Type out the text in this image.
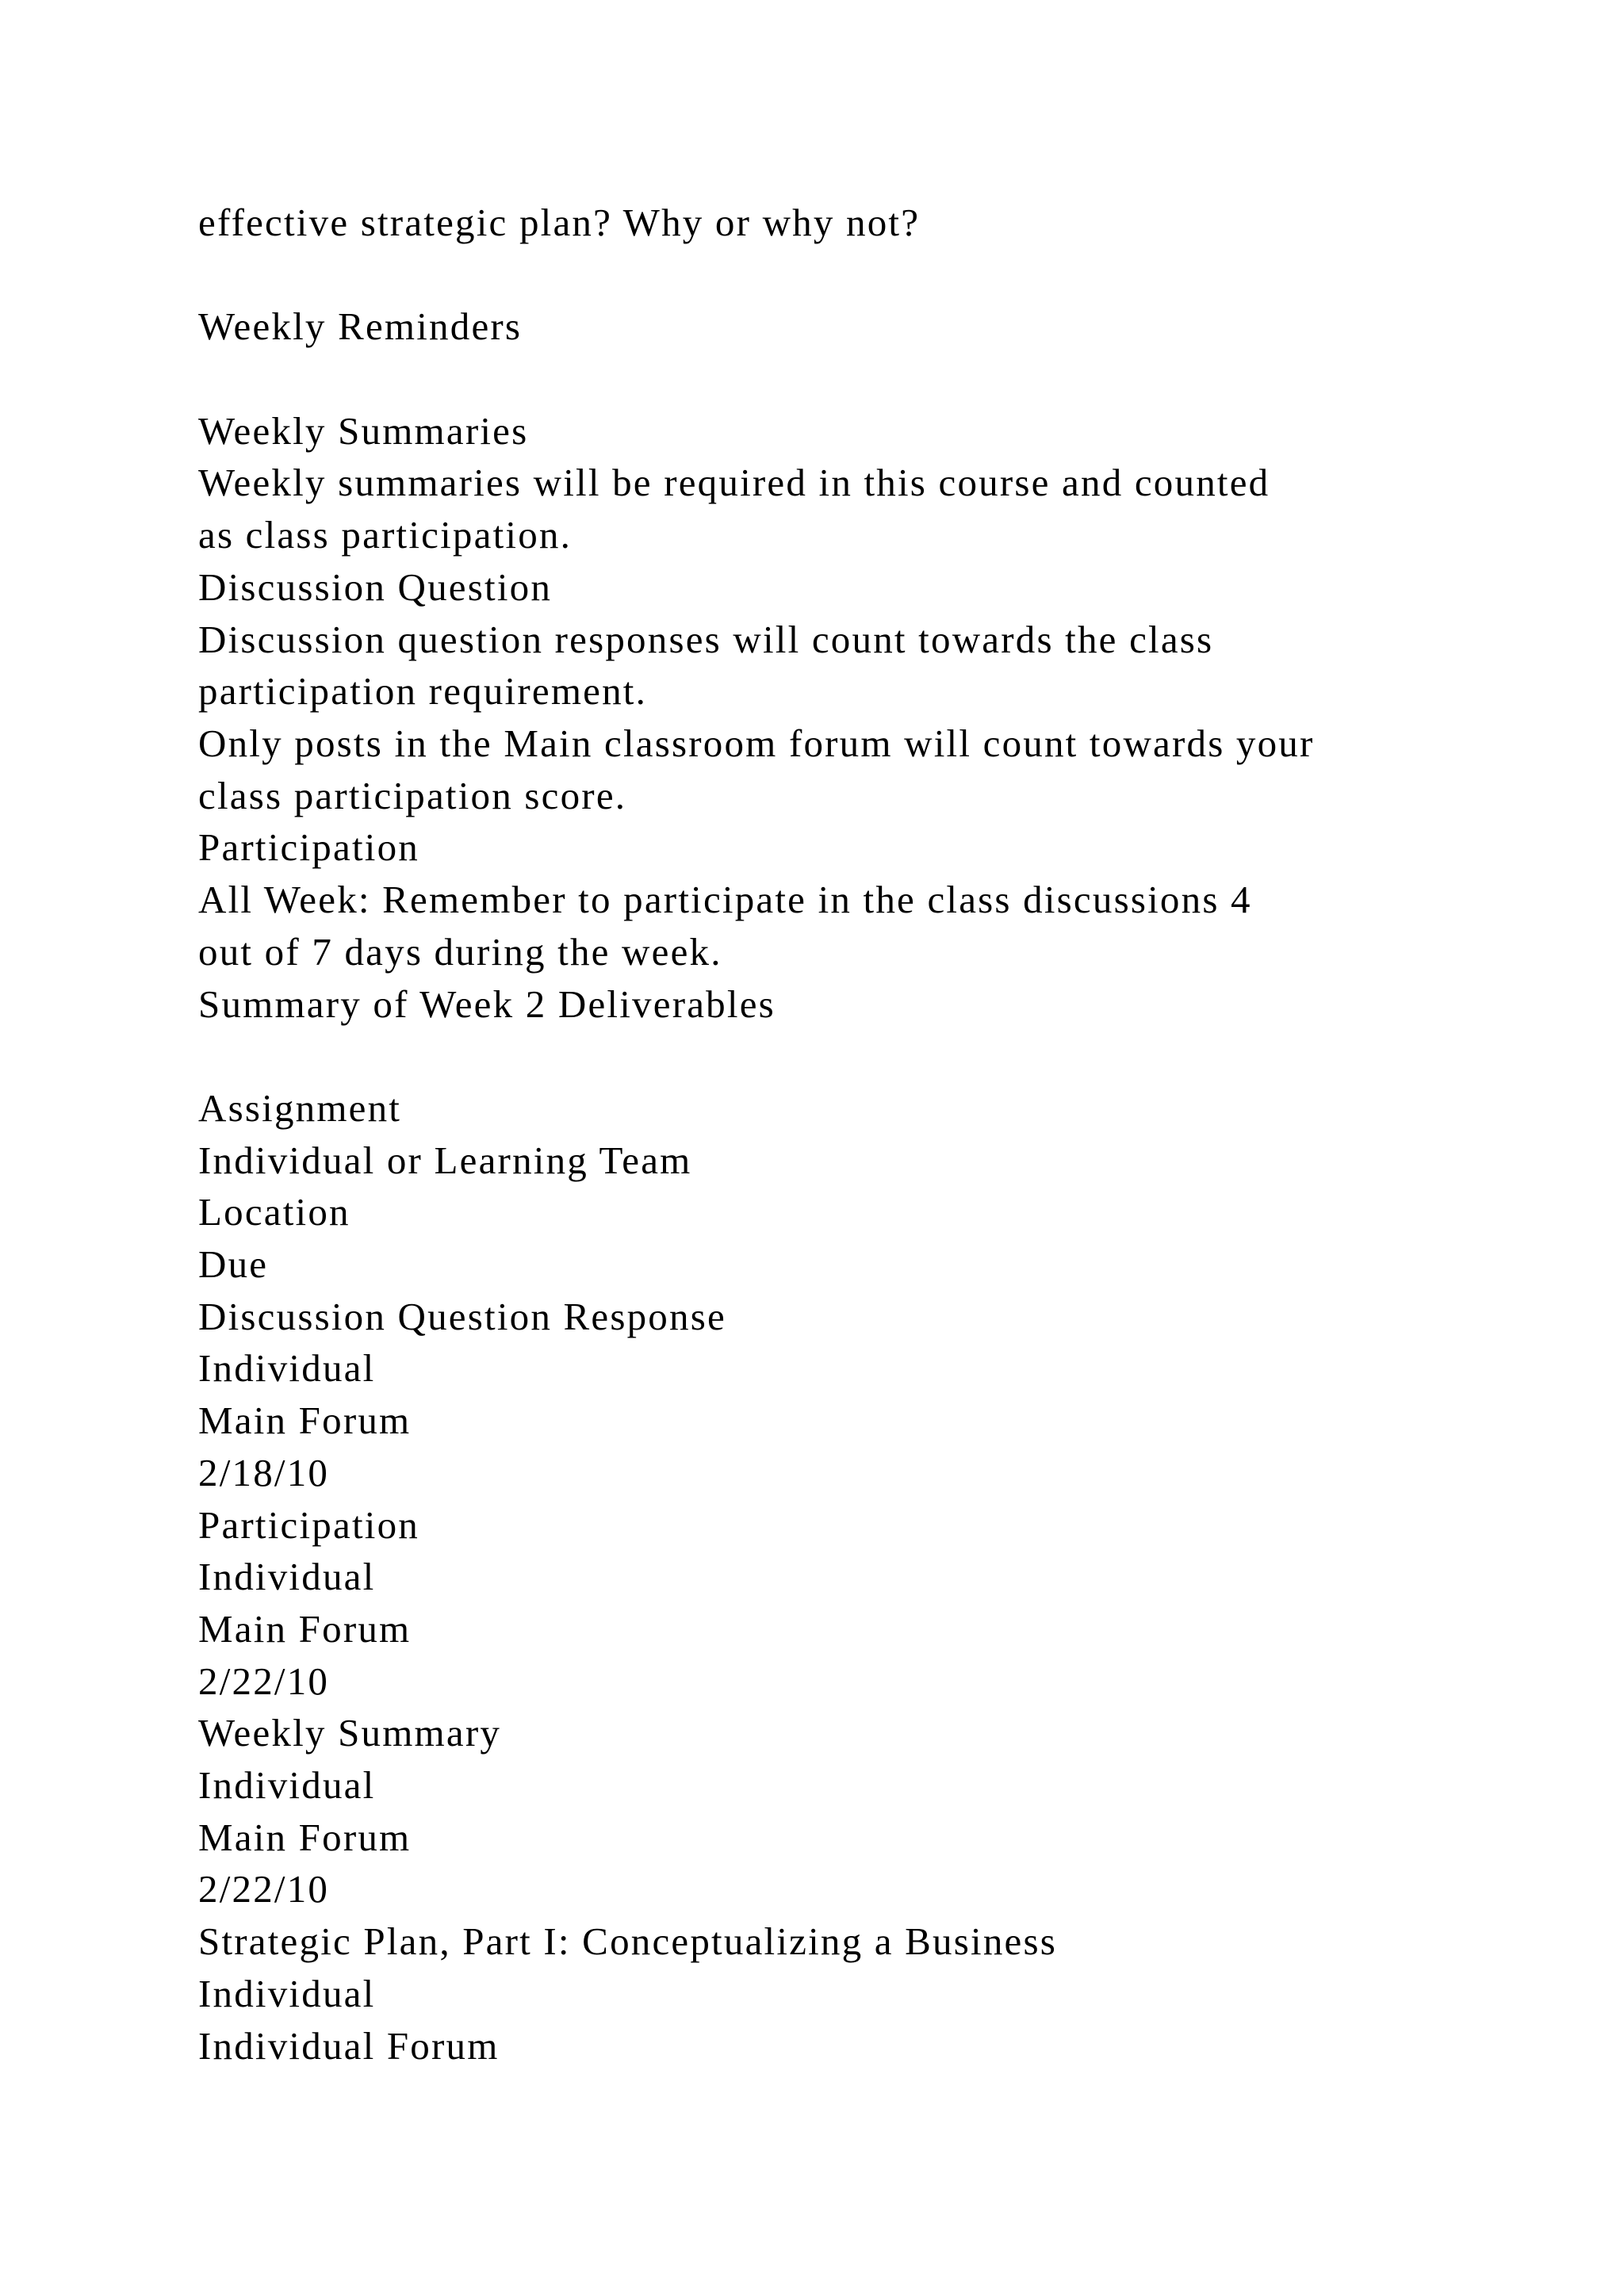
effective strategic plan? Why or why not?
Weekly Reminders
Weekly Summaries
Weekly summaries will be required in this course and counted
as class participation.
Discussion Question
Discussion question responses will count towards the class
participation requirement.
Only posts in the Main classroom forum will count towards your
class participation score.
Participation
All Week: Remember to participate in the class discussions 4
out of 7 days during the week.
Summary of Week 2 Deliverables
Assignment
Individual or Learning Team
Location
Due
Discussion Question Response
Individual
Main Forum
2/18/10
Participation
Individual
Main Forum
2/22/10
Weekly Summary
Individual
Main Forum
2/22/10
Strategic Plan, Part I: Conceptualizing a Business
Individual
Individual Forum
